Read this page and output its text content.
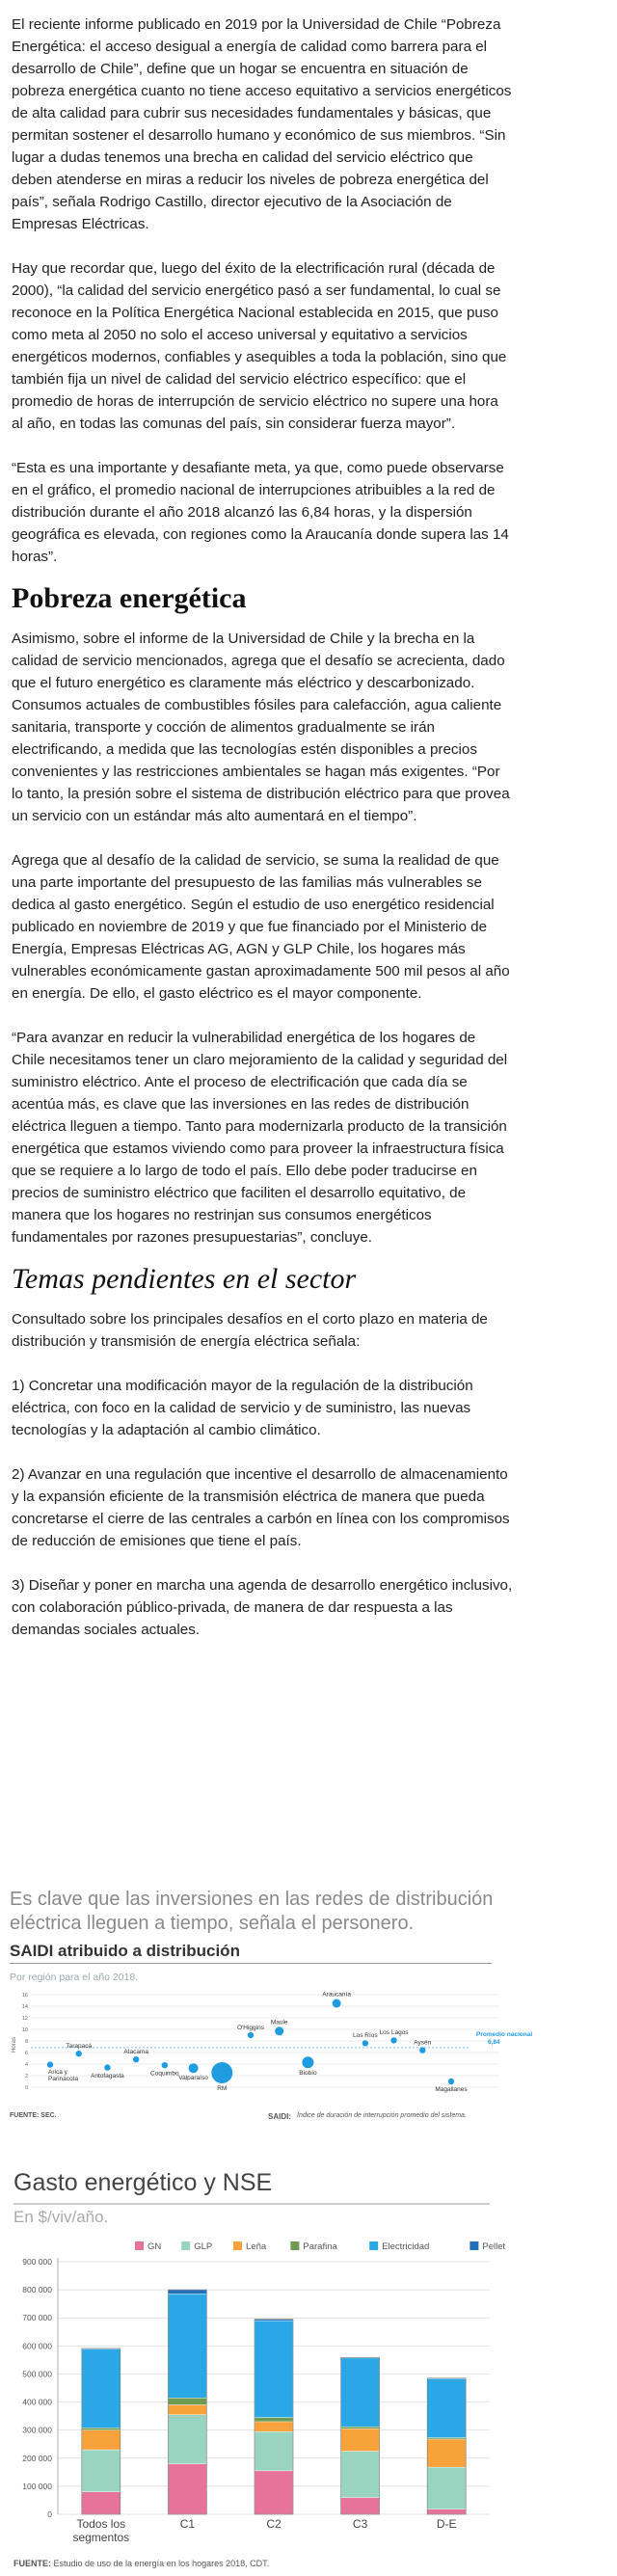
El reciente informe publicado en 2019 por la Universidad de Chile “Pobreza Energética: el acceso desigual a energía de calidad como barrera para el desarrollo de Chile”, define que un hogar se encuentra en situación de pobreza energética cuanto no tiene acceso equitativo a servicios energéticos de alta calidad para cubrir sus necesidades fundamentales y básicas, que permitan sostener el desarrollo humano y económico de sus miembros. “Sin lugar a dudas tenemos una brecha en calidad del servicio eléctrico que deben atenderse en miras a reducir los niveles de pobreza energética del país”, señala Rodrigo Castillo, director ejecutivo de la Asociación de Empresas Eléctricas.

Hay que recordar que, luego del éxito de la electrificación rural (década de 2000), “la calidad del servicio energético pasó a ser fundamental, lo cual se reconoce en la Política Energética Nacional establecida en 2015, que puso como meta al 2050 no solo el acceso universal y equitativo a servicios energéticos modernos, confiables y asequibles a toda la población, sino que también fija un nivel de calidad del servicio eléctrico específico: que el promedio de horas de interrupción de servicio eléctrico no supere una hora al año, en todas las comunas del país, sin considerar fuerza mayor”.

“Esta es una importante y desafiante meta, ya que, como puede observarse en el gráfico, el promedio nacional de interrupciones atribuibles a la red de distribución durante el año 2018 alcanzó las 6,84 horas, y la dispersión geográfica es elevada, con regiones como la Araucanía donde supera las 14 horas”.

Pobreza energética

Asimismo, sobre el informe de la Universidad de Chile y la brecha en la calidad de servicio mencionados, agrega que el desafío se acrecienta, dado que el futuro energético es claramente más eléctrico y descarbonizado. Consumos actuales de combustibles fósiles para calefacción, agua caliente sanitaria, transporte y cocción de alimentos gradualmente se irán electrificando, a medida que las tecnologías estén disponibles a precios convenientes y las restricciones ambientales se hagan más exigentes. “Por lo tanto, la presión sobre el sistema de distribución eléctrico para que provea un servicio con un estándar más alto aumentará en el tiempo”.

Agrega que al desafío de la calidad de servicio, se suma la realidad de que una parte importante del presupuesto de las familias más vulnerables se dedica al gasto energético. Según el estudio de uso energético residencial publicado en noviembre de 2019 y que fue financiado por el Ministerio de Energía, Empresas Eléctricas AG, AGN y GLP Chile, los hogares más vulnerables económicamente gastan aproximadamente 500 mil pesos al año en energía. De ello, el gasto eléctrico es el mayor componente.

“Para avanzar en reducir la vulnerabilidad energética de los hogares de Chile necesitamos tener un claro mejoramiento de la calidad y seguridad del suministro eléctrico. Ante el proceso de electrificación que cada día se acentúa más, es clave que las inversiones en las redes de distribución eléctrica lleguen a tiempo. Tanto para modernizarla producto de la transición energética que estamos viviendo como para proveer la infraestructura física que se requiere a lo largo de todo el país. Ello debe poder traducirse en precios de suministro eléctrico que faciliten el desarrollo equitativo, de manera que los hogares no restrinjan sus consumos energéticos fundamentales por razones presupuestarias”, concluye.

Temas pendientes en el sector

Consultado sobre los principales desafíos en el corto plazo en materia de distribución y transmisión de energía eléctrica señala:

1) Concretar una modificación mayor de la regulación de la distribución eléctrica, con foco en la calidad de servicio y de suministro, las nuevas tecnologías y la adaptación al cambio climático.

2) Avanzar en una regulación que incentive el desarrollo de almacenamiento y la expansión eficiente de la transmisión eléctrica de manera que pueda concretarse el cierre de las centrales a carbón en línea con los compromisos de reducción de emisiones que tiene el país.

3) Diseñar y poner en marcha una agenda de desarrollo energético inclusivo, con colaboración público-privada, de manera de dar respuesta a las demandas sociales actuales.

Es clave que las inversiones en las redes de distribución eléctrica lleguen a tiempo, señala el personero.

SAIDI atribuido a distribución

Por región para el año 2018.

Horas
0
2
4
6
8
10
12
14
16
Promedio nacional
6,84
Arica y
Parinacota
Tarapacá
Antofagasta
Atacama
Coquimbo
Valparaíso
RM
O'Higgins
Maule
Biobío
Araucanía
Los Ríos Los Lagos
Aysén
Magallanes
FUENTE: SEC.	SAIDI: Índice de duración de interrupción promedio del sistema.
0
100 000
200 000
300 000
400 000
500 000
600 000
700 000
800 000
900 000
GN	GLP	Leña	Parafina	Electricidad	Pellet
Todos los
segmentos
C1	C2	C3	D-E

Gasto energético y NSE

En $/viv/año.

FUENTE: Estudio de uso de la energía en los hogares 2018, CDT.
